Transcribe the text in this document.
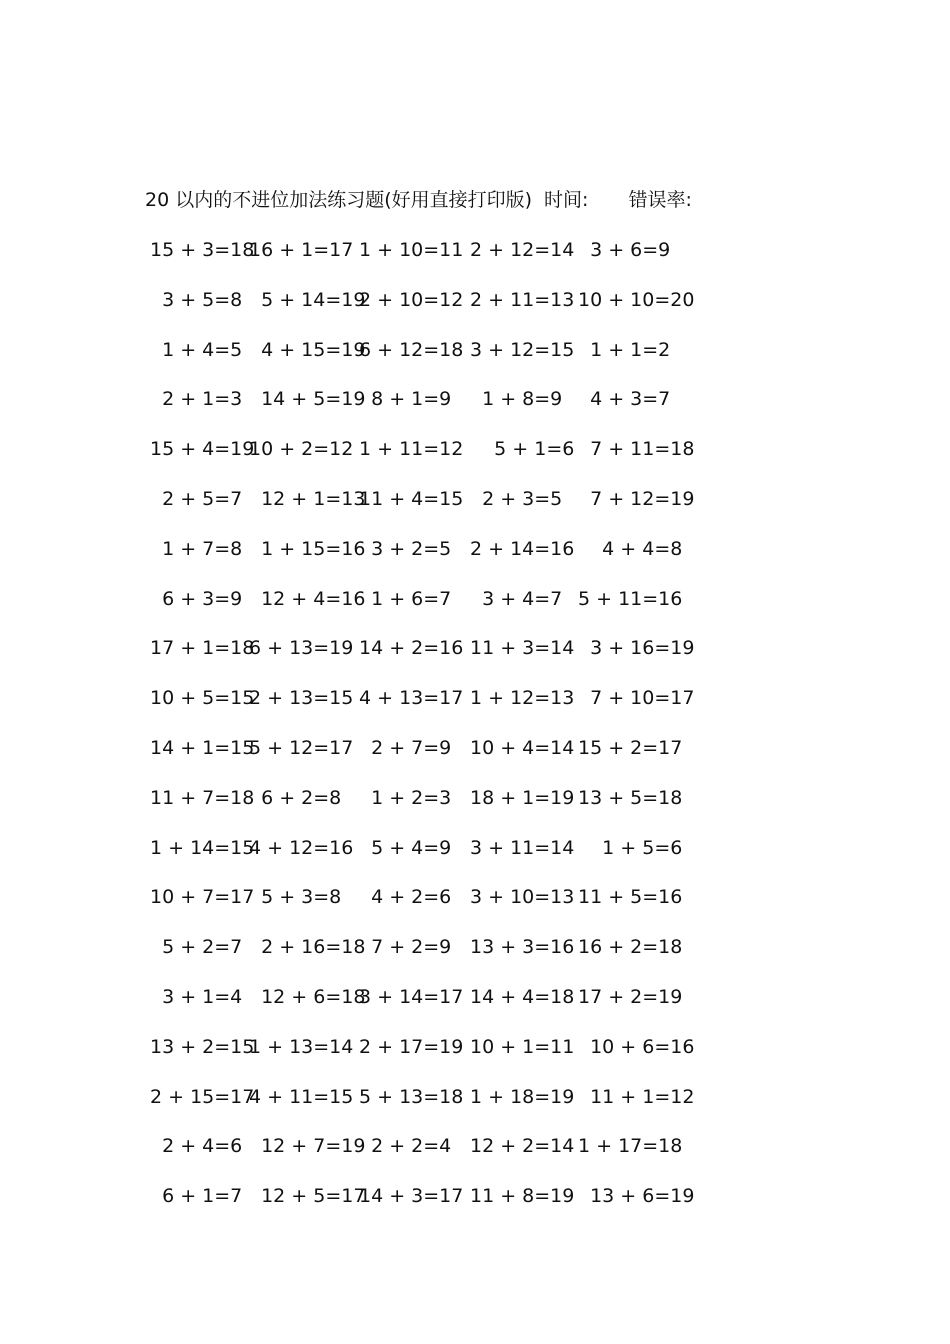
20 以内的不进位加法练习题(好用直接打印版) 时间: 错误率:
15 + 3=18
16 + 1=17 1 + 10=11 2 + 12=14 3 + 6=9
3 + 5=8 5 + 14=19
2 + 10=12 2 + 11=13 10 + 10=20
1 + 4=5 4 + 15=19
6 + 12=18 3 + 12=15 1 + 1=2
2 + 1=3 14 + 5=19
8 + 1=9 1 + 8=9 4 + 3=7
15 + 4=19
10 + 2=12 1 + 11=12 5 + 1=6 7 + 11=18
2 + 5=7 12 + 1=13
11 + 4=15 2 + 3=5 7 + 12=19
1 + 7=8 1 + 15=16
3 + 2=5 2 + 14=16 4 + 4=8
6 + 3=9 12 + 4=16
1 + 6=7 3 + 4=7 5 + 11=16
17 + 1=18
6 + 13=19 14 + 2=16 11 + 3=14 3 + 16=19
10 + 5=15
2 + 13=15 4 + 13=17 1 + 12=13 7 + 10=17
14 + 1=15
5 + 12=17 2 + 7=9 10 + 4=14 15 + 2=17
11 + 7=18
6 + 2=8 1 + 2=3 18 + 1=19 13 + 5=18
1 + 14=15
4 + 12=16 5 + 4=9 3 + 11=14 1 + 5=6
10 + 7=17
5 + 3=8 4 + 2=6 3 + 10=13 11 + 5=16
5 + 2=7 2 + 16=18
7 + 2=9 13 + 3=16 16 + 2=18
3 + 1=4 12 + 6=18
3 + 14=17 14 + 4=18 17 + 2=19
13 + 2=15
1 + 13=14 2 + 17=19 10 + 1=11 10 + 6=16
2 + 15=17
4 + 11=15 5 + 13=18 1 + 18=19 11 + 1=12
2 + 4=6 12 + 7=19
2 + 2=4 12 + 2=14 1 + 17=18
6 + 1=7 12 + 5=17
14 + 3=17 11 + 8=19 13 + 6=19
